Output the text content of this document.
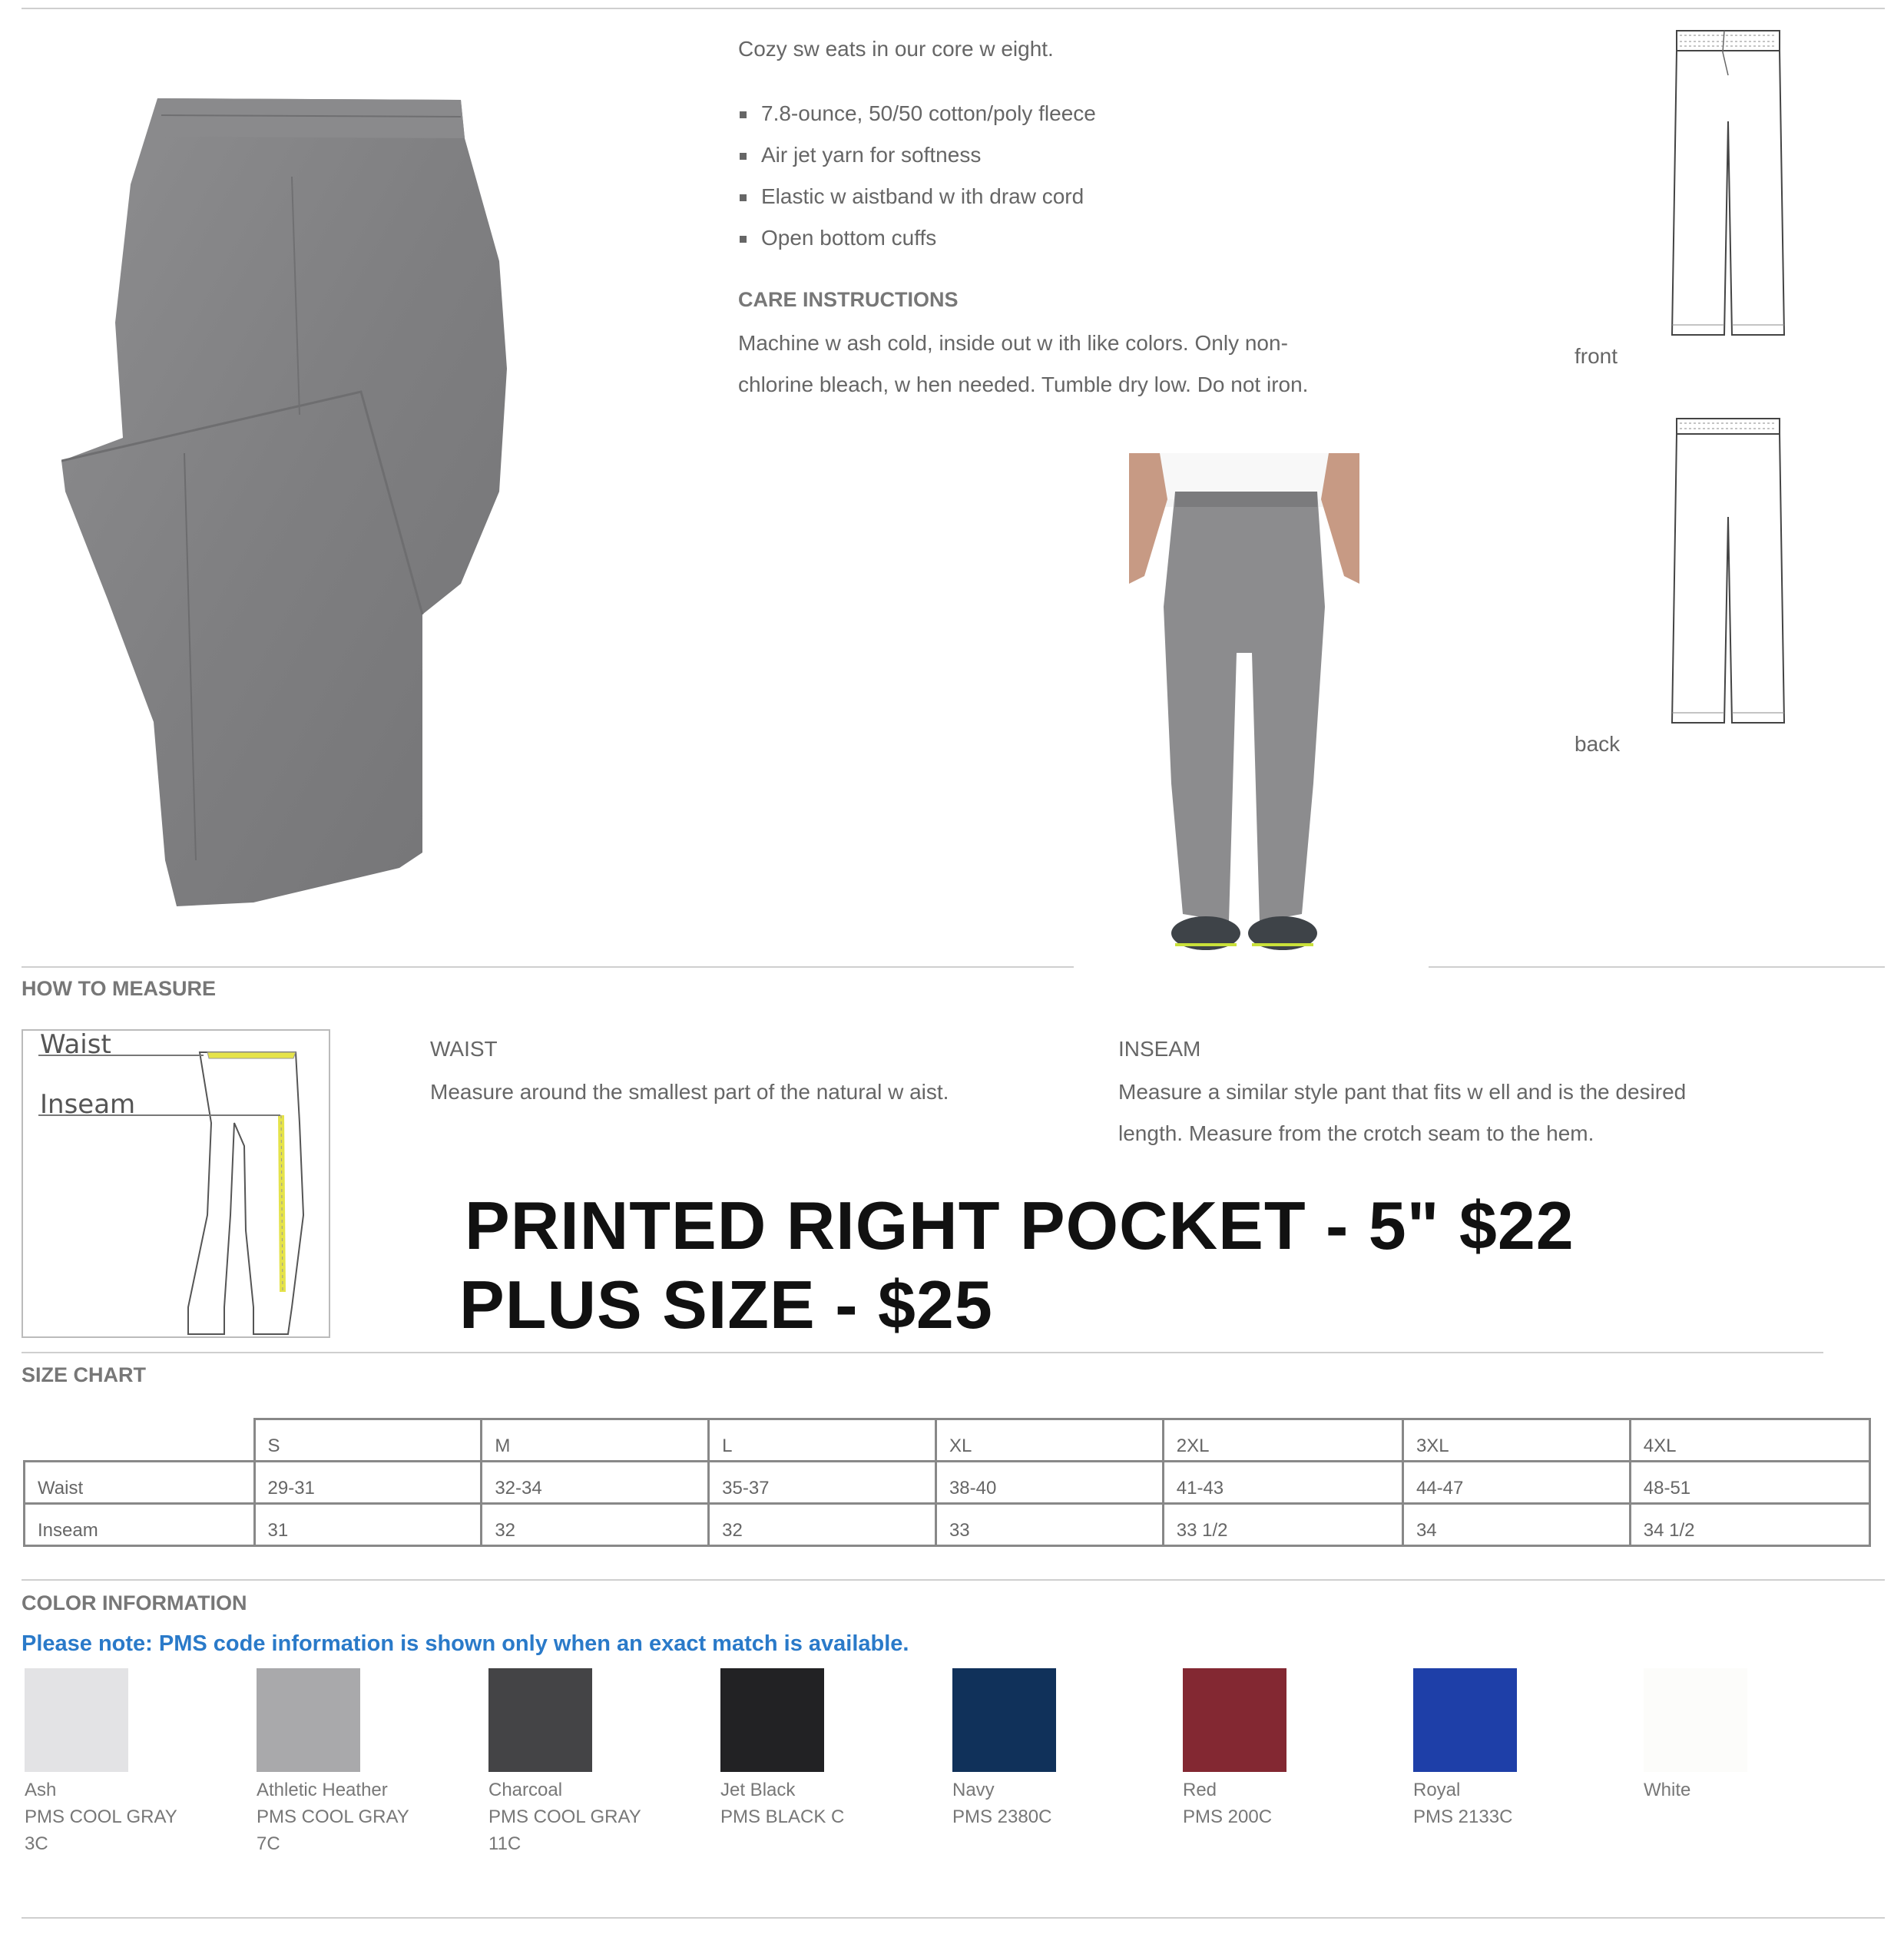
Cozy sw eats in our core w eight.
7.8-ounce, 50/50 cotton/poly fleece
Air jet yarn for softness
Elastic w aistband w ith draw cord
Open bottom cuffs
CARE INSTRUCTIONS
Machine w ash cold, inside out w ith like colors. Only non-chlorine bleach, w hen needed. Tumble dry low. Do not iron.
front
back
HOW TO MEASURE
Waist
Inseam
WAIST
Measure around the smallest part of the natural w aist.
INSEAM
Measure a similar style pant that fits w ell and is the desired length. Measure from the crotch seam to the hem.
PRINTED RIGHT POCKET - 5" $22
PLUS SIZE - $25
SIZE CHART
	S	M	L	XL	2XL	3XL	4XL
Waist	29-31	32-34	35-37	38-40	41-43	44-47	48-51
Inseam	31	32	32	33	33 1/2	34	34 1/2
COLOR INFORMATION
Please note: PMS code information is shown only when an exact match is available.
Ash
PMS COOL GRAY 3C
Athletic Heather
PMS COOL GRAY 7C
Charcoal
PMS COOL GRAY 11C
Jet Black
PMS BLACK C
Navy
PMS 2380C
Red
PMS 200C
Royal
PMS 2133C
White
